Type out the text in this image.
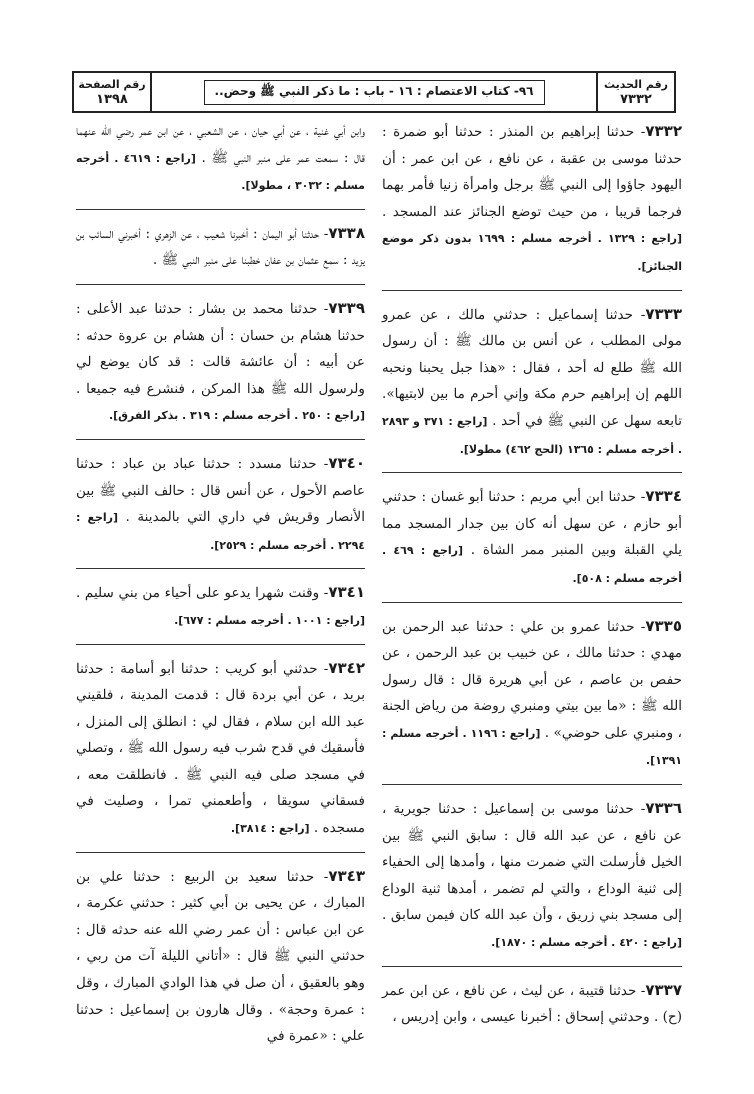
رقم الحديث
٧٣٣٢
٩٦- كتاب الاعتصام : ١٦ - باب : ما ذكر النبي ﷺ وحض..
رقم الصفحة
١٣٩٨
٧٣٣٢- حدثنا إبراهيم بن المنذر : حدثنا أبو ضمرة : حدثنا موسى بن عقبة ، عن نافع ، عن ابن عمر : أن اليهود جاؤوا إلى النبي ﷺ برجل وامرأة زنيا فأمر بهما فرجما قريبا ، من حيث توضع الجنائز عند المسجد . [راجع : ١٣٢٩ . أخرجه مسلم : ١٦٩٩ بدون ذكر موضع الجنائز].
٧٣٣٣- حدثنا إسماعيل : حدثني مالك ، عن عمرو مولى المطلب ، عن أنس بن مالك ﷺ : أن رسول الله ﷺ طلع له أحد ، فقال : «هذا جبل يحبنا ونحبه اللهم إن إبراهيم حرم مكة وإني أحرم ما بين لابتيها». تابعه سهل عن النبي ﷺ في أحد . [راجع : ٣٧١ و ٢٨٩٣ . أخرجه مسلم : ١٣٦٥ (الحج ٤٦٢) مطولا].
٧٣٣٤- حدثنا ابن أبي مريم : حدثنا أبو غسان : حدثني أبو حازم ، عن سهل أنه كان بين جدار المسجد مما يلي القبلة وبين المنبر ممر الشاة . [راجع : ٤٦٩ . أخرجه مسلم : ٥٠٨].
٧٣٣٥- حدثنا عمرو بن علي : حدثنا عبد الرحمن بن مهدي : حدثنا مالك ، عن خبيب بن عبد الرحمن ، عن حفص بن عاصم ، عن أبي هريرة قال : قال رسول الله ﷺ : «ما بين بيتي ومنبري روضة من رياض الجنة ، ومنبري على حوضي» . [راجع : ١١٩٦ . أخرجه مسلم : ١٣٩١].
٧٣٣٦- حدثنا موسى بن إسماعيل : حدثنا جويرية ، عن نافع ، عن عبد الله قال : سابق النبي ﷺ بين الخيل فأرسلت التي ضمرت منها ، وأمدها إلى الحفياء إلى ثنية الوداع ، والتي لم تضمر ، أمدها ثنية الوداع إلى مسجد بني زريق ، وأن عبد الله كان فيمن سابق . [راجع : ٤٢٠ . أخرجه مسلم : ١٨٧٠].
٧٣٣٧- حدثنا قتيبة ، عن ليث ، عن نافع ، عن ابن عمر (ح) . وحدثني إسحاق : أخبرنا عيسى ، وابن إدريس ،
وابن أبي غنية ، عن أبي حيان ، عن الشعبي ، عن ابن عمر رضي الله عنهما قال : سمعت عمر على منبر النبي ﷺ . [راجع : ٤٦١٩ . أخرجه مسلم : ٣٠٣٢ ، مطولا].
٧٣٣٨- حدثنا أبو اليمان : أخبرنا شعيب ، عن الزهري : أخبرني السائب بن يزيد : سمع عثمان بن عفان خطبنا على منبر النبي ﷺ .
٧٣٣٩- حدثنا محمد بن بشار : حدثنا عبد الأعلى : حدثنا هشام بن حسان : أن هشام بن عروة حدثه : عن أبيه : أن عائشة قالت : قد كان يوضع لي ولرسول الله ﷺ هذا المركن ، فنشرع فيه جميعا . [راجع : ٢٥٠ . أخرجه مسلم : ٣١٩ . بذكر الفرق].
٧٣٤٠- حدثنا مسدد : حدثنا عباد بن عباد : حدثنا عاصم الأحول ، عن أنس قال : حالف النبي ﷺ بين الأنصار وقريش في داري التي بالمدينة . [راجع : ٢٢٩٤ . أخرجه مسلم : ٢٥٢٩].
٧٣٤١- وقنت شهرا يدعو على أحياء من بني سليم . [راجع : ١٠٠١ . أخرجه مسلم : ٦٧٧].
٧٣٤٢- حدثني أبو كريب : حدثنا أبو أسامة : حدثنا بريد ، عن أبي بردة قال : قدمت المدينة ، فلقيني عبد الله ابن سلام ، فقال لي : انطلق إلى المنزل ، فأسقيك في قدح شرب فيه رسول الله ﷺ ، وتصلي في مسجد صلى فيه النبي ﷺ . فانطلقت معه ، فسقاني سويقا ، وأطعمني تمرا ، وصليت في مسجده . [راجع : ٣٨١٤].
٧٣٤٣- حدثنا سعيد بن الربيع : حدثنا علي بن المبارك ، عن يحيى بن أبي كثير : حدثني عكرمة ، عن ابن عباس : أن عمر رضي الله عنه حدثه قال : حدثني النبي ﷺ قال : «أتاني الليلة آت من ربي ، وهو بالعقيق ، أن صل في هذا الوادي المبارك ، وقل : عمرة وحجة» . وقال هارون بن إسماعيل : حدثنا علي : «عمرة في
